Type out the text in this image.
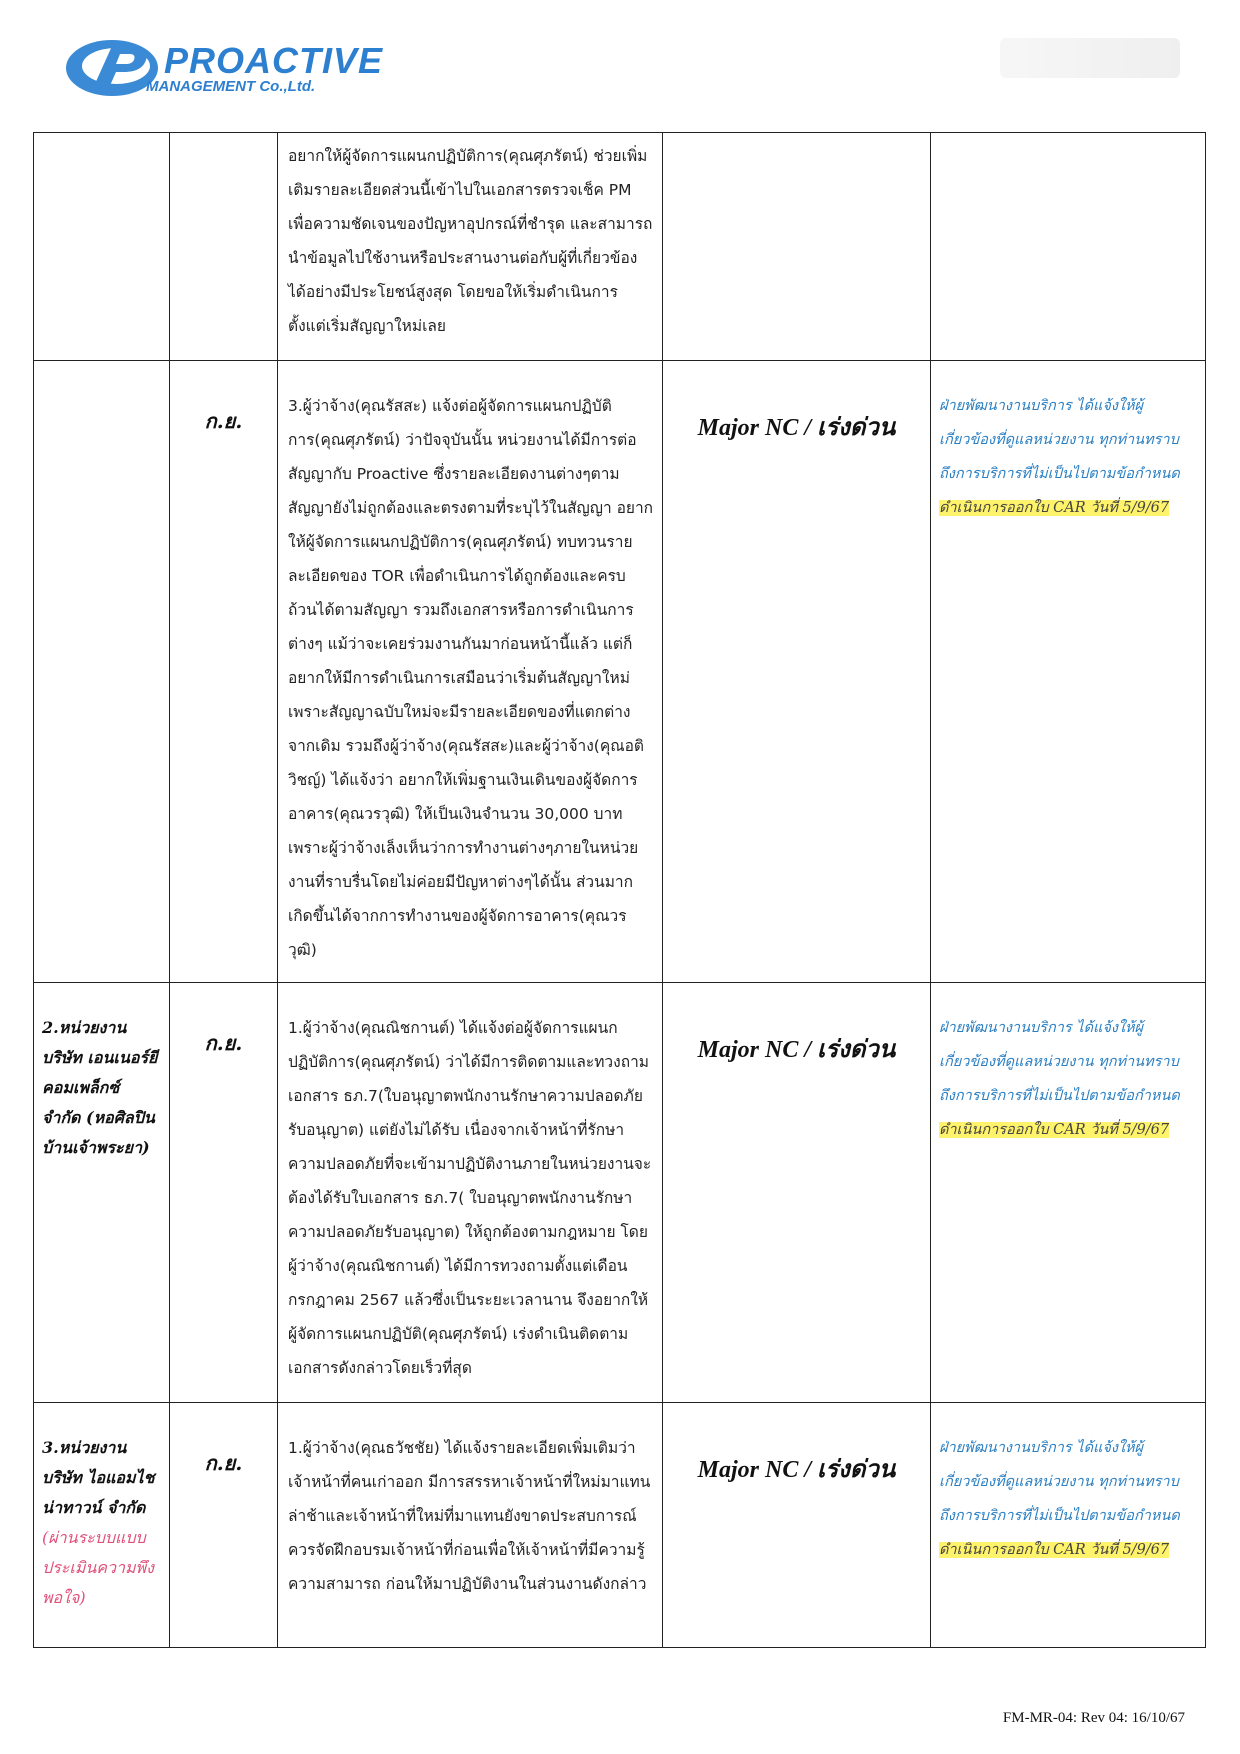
PROACTIVE
MANAGEMENT Co.,Ltd.

		อยากให้ผู้จัดการแผนกปฏิบัติการ(คุณศุภรัตน์) ช่วยเพิ่มเติมรายละเอียดส่วนนี้เข้าไปในเอกสารตรวจเช็ค PM เพื่อความชัดเจนของปัญหาอุปกรณ์ที่ชำรุด และสามารถนำข้อมูลไปใช้งานหรือประสานงานต่อกับผู้ที่เกี่ยวข้องได้อย่างมีประโยชน์สูงสุด โดยขอให้เริ่มดำเนินการตั้งแต่เริ่มสัญญาใหม่เลย		

	ก.ย.	3.ผู้ว่าจ้าง(คุณรัสสะ) แจ้งต่อผู้จัดการแผนกปฏิบัติการ(คุณศุภรัตน์) ว่าปัจจุบันนั้น หน่วยงานได้มีการต่อสัญญากับ Proactive ซึ่งรายละเอียดงานต่างๆตามสัญญายังไม่ถูกต้องและตรงตามที่ระบุไว้ในสัญญา อยากให้ผู้จัดการแผนกปฏิบัติการ(คุณศุภรัตน์) ทบทวนรายละเอียดของ TOR เพื่อดำเนินการได้ถูกต้องและครบถ้วนได้ตามสัญญา รวมถึงเอกสารหรือการดำเนินการต่างๆ แม้ว่าจะเคยร่วมงานกันมาก่อนหน้านี้แล้ว แต่ก็อยากให้มีการดำเนินการเสมือนว่าเริ่มต้นสัญญาใหม่ เพราะสัญญาฉบับใหม่จะมีรายละเอียดของที่แตกต่างจากเดิม รวมถึงผู้ว่าจ้าง(คุณรัสสะ)และผู้ว่าจ้าง(คุณอติวิชญ์) ได้แจ้งว่า อยากให้เพิ่มฐานเงินเดินของผู้จัดการอาคาร(คุณวรวุฒิ) ให้เป็นเงินจำนวน 30,000 บาท เพราะผู้ว่าจ้างเล็งเห็นว่าการทำงานต่างๆภายในหน่วยงานที่ราบรื่นโดยไม่ค่อยมีปัญหาต่างๆได้นั้น ส่วนมากเกิดขึ้นได้จากการทำงานของผู้จัดการอาคาร(คุณวรวุฒิ)	Major NC / เร่งด่วน	ฝ่ายพัฒนางานบริการ ได้แจ้งให้ผู้เกี่ยวข้องที่ดูแลหน่วยงาน ทุกท่านทราบ ถึงการบริการที่ไม่เป็นไปตามข้อกำหนด ดำเนินการออกใบ CAR วันที่ 5/9/67

2.หน่วยงาน บริษัท เอนเนอร์ยี คอมเพล็กซ์ จำกัด (หอศิลปิน บ้านเจ้าพระยา)	ก.ย.	1.ผู้ว่าจ้าง(คุณณิชกานต์) ได้แจ้งต่อผู้จัดการแผนกปฏิบัติการ(คุณศุภรัตน์) ว่าได้มีการติดตามและทวงถามเอกสาร ธภ.7(ใบอนุญาตพนักงานรักษาความปลอดภัยรับอนุญาต) แต่ยังไม่ได้รับ เนื่องจากเจ้าหน้าที่รักษาความปลอดภัยที่จะเข้ามาปฏิบัติงานภายในหน่วยงานจะต้องได้รับใบเอกสาร ธภ.7( ใบอนุญาตพนักงานรักษาความปลอดภัยรับอนุญาต) ให้ถูกต้องตามกฎหมาย โดยผู้ว่าจ้าง(คุณณิชกานต์) ได้มีการทวงถามตั้งแต่เดือนกรกฎาคม 2567 แล้วซึ่งเป็นระยะเวลานาน จึงอยากให้ผู้จัดการแผนกปฏิบัติ(คุณศุภรัตน์) เร่งดำเนินติดตามเอกสารดังกล่าวโดยเร็วที่สุด	Major NC / เร่งด่วน	ฝ่ายพัฒนางานบริการ ได้แจ้งให้ผู้เกี่ยวข้องที่ดูแลหน่วยงาน ทุกท่านทราบ ถึงการบริการที่ไม่เป็นไปตามข้อกำหนด ดำเนินการออกใบ CAR วันที่ 5/9/67

3.หน่วยงาน บริษัท ไอแอมไชน่าทาวน์ จำกัด (ผ่านระบบแบบประเมินความพึงพอใจ)	ก.ย.	1.ผู้ว่าจ้าง(คุณธวัชชัย) ได้แจ้งรายละเอียดเพิ่มเติมว่า เจ้าหน้าที่คนเก่าออก มีการสรรหาเจ้าหน้าที่ใหม่มาแทนล่าช้าและเจ้าหน้าที่ใหม่ที่มาแทนยังขาดประสบการณ์ ควรจัดฝึกอบรมเจ้าหน้าที่ก่อนเพื่อให้เจ้าหน้าที่มีความรู้ความสามารถ ก่อนให้มาปฏิบัติงานในส่วนงานดังกล่าว	Major NC / เร่งด่วน	ฝ่ายพัฒนางานบริการ ได้แจ้งให้ผู้เกี่ยวข้องที่ดูแลหน่วยงาน ทุกท่านทราบ ถึงการบริการที่ไม่เป็นไปตามข้อกำหนด ดำเนินการออกใบ CAR วันที่ 5/9/67
FM-MR-04: Rev 04: 16/10/67
